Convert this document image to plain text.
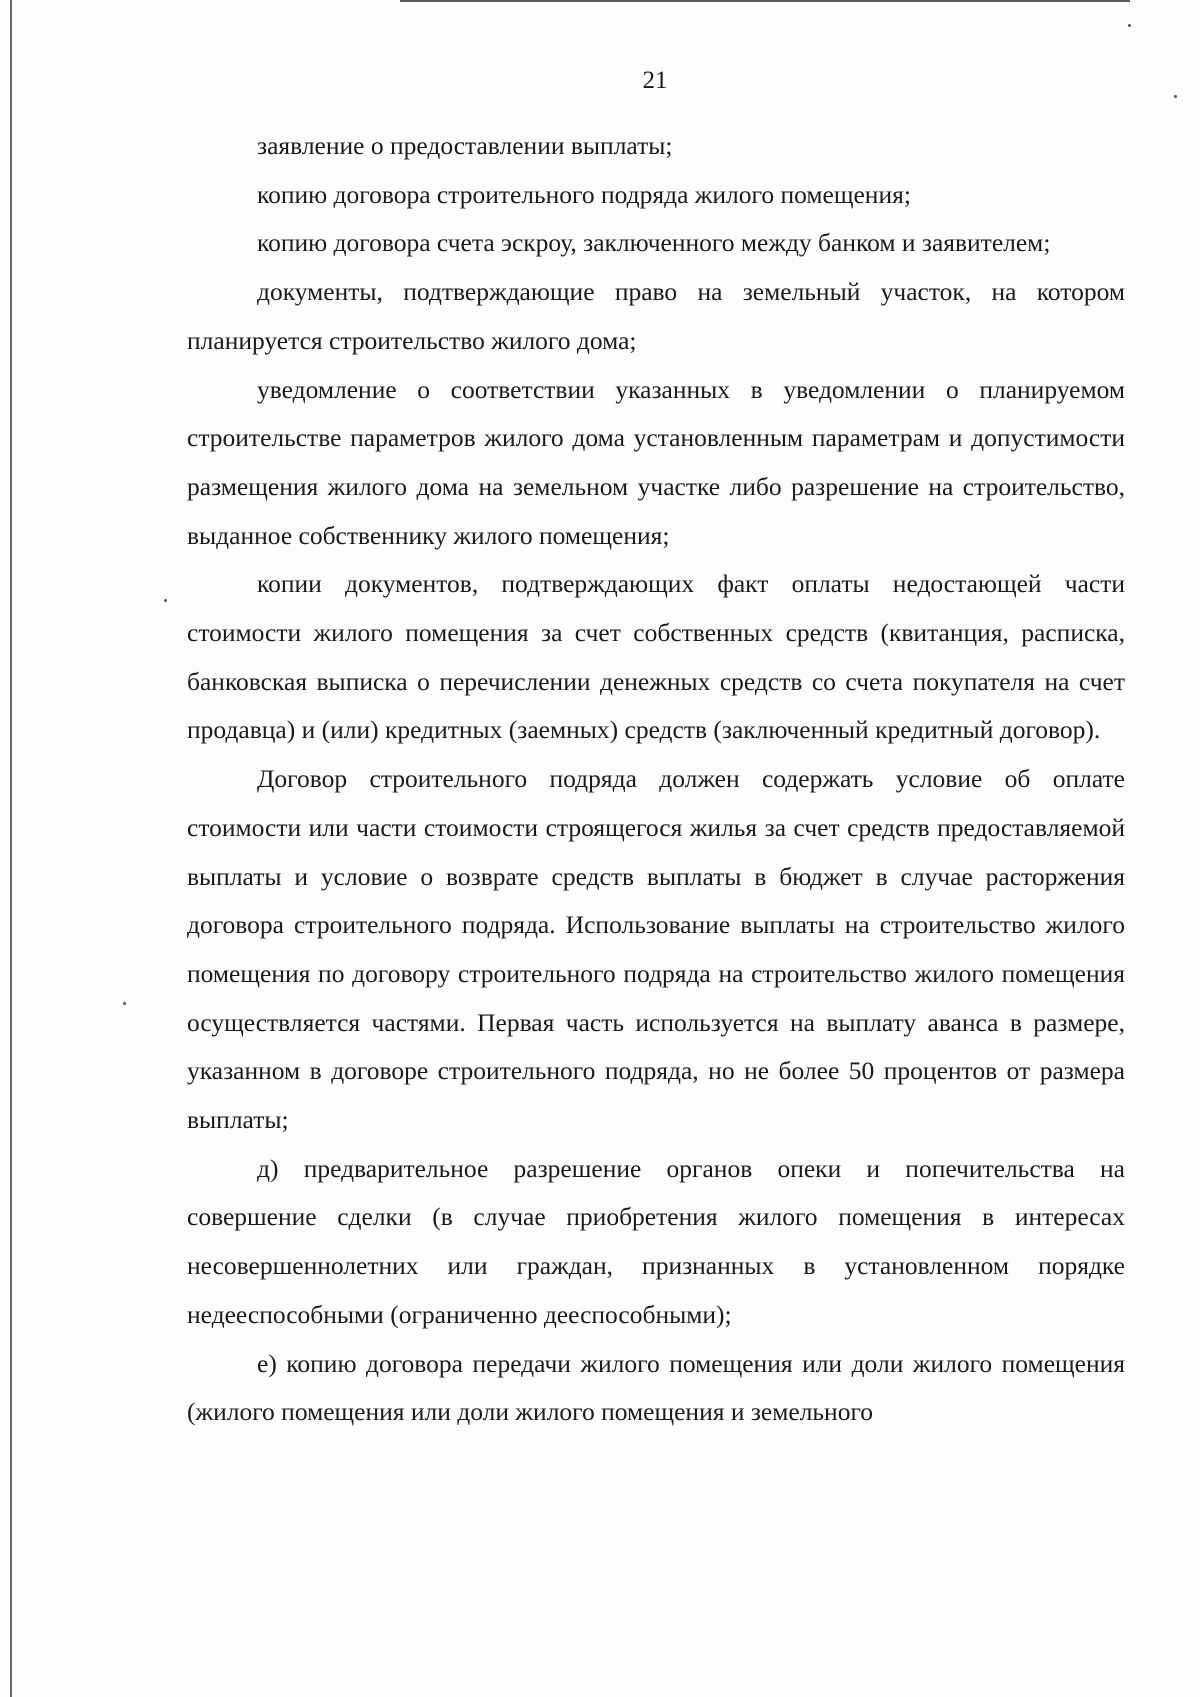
21

заявление о предоставлении выплаты;

копию договора строительного подряда жилого помещения;

копию договора счета эскроу, заключенного между банком и заявителем;

документы, подтверждающие право на земельный участок, на котором планируется строительство жилого дома;

уведомление о соответствии указанных в уведомлении о планируемом строительстве параметров жилого дома установленным параметрам и допустимости размещения жилого дома на земельном участке либо разрешение на строительство, выданное собственнику жилого помещения;

копии документов, подтверждающих факт оплаты недостающей части стоимости жилого помещения за счет собственных средств (квитанция, расписка, банковская выписка о перечислении денежных средств со счета покупателя на счет продавца) и (или) кредитных (заемных) средств (заключенный кредитный договор).

Договор строительного подряда должен содержать условие об оплате стоимости или части стоимости строящегося жилья за счет средств предоставляемой выплаты и условие о возврате средств выплаты в бюджет в случае расторжения договора строительного подряда. Использование выплаты на строительство жилого помещения по договору строительного подряда на строительство жилого помещения осуществляется частями. Первая часть используется на выплату аванса в размере, указанном в договоре строительного подряда, но не более 50 процентов от размера выплаты;

д) предварительное разрешение органов опеки и попечительства на совершение сделки (в случае приобретения жилого помещения в интересах несовершеннолетних или граждан, признанных в установленном порядке недееспособными (ограниченно дееспособными);

е) копию договора передачи жилого помещения или доли жилого помещения (жилого помещения или доли жилого помещения и земельного
